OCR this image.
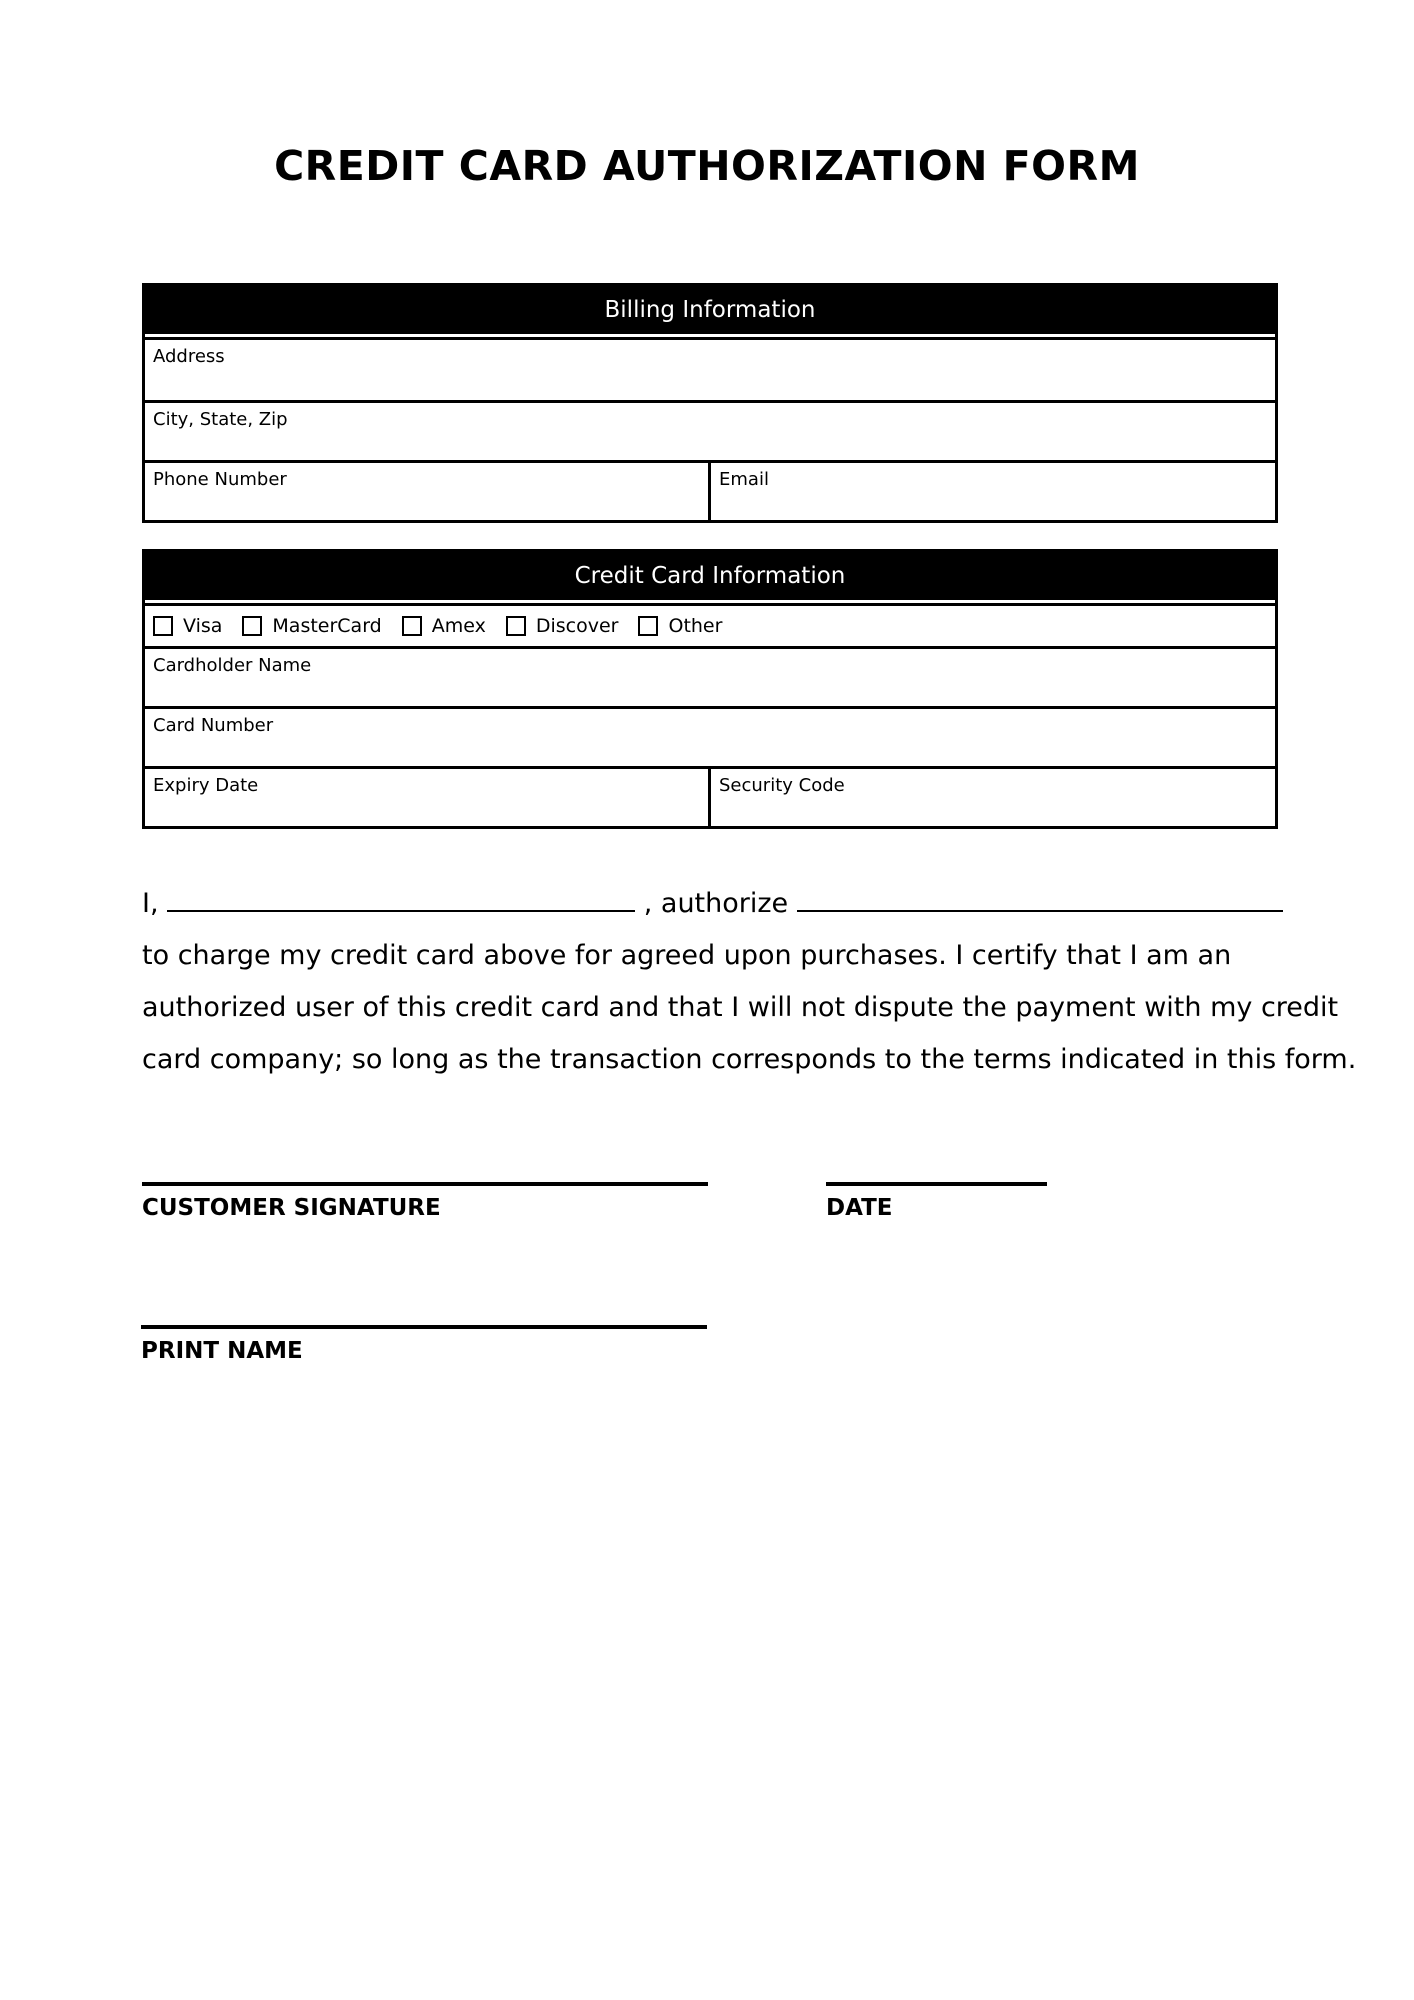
CREDIT CARD AUTHORIZATION FORM
Billing Information
Address
City, State, Zip
Phone Number	Email
Credit Card Information
Visa	MasterCard	Amex	Discover	Other
Cardholder Name
Card Number
Expiry Date	Security Code
I,	, authorize
to charge my credit card above for agreed upon purchases. I certify that I am an
authorized user of this credit card and that I will not dispute the payment with my credit
card company; so long as the transaction corresponds to the terms indicated in this form.
CUSTOMER SIGNATURE	DATE
PRINT NAME
